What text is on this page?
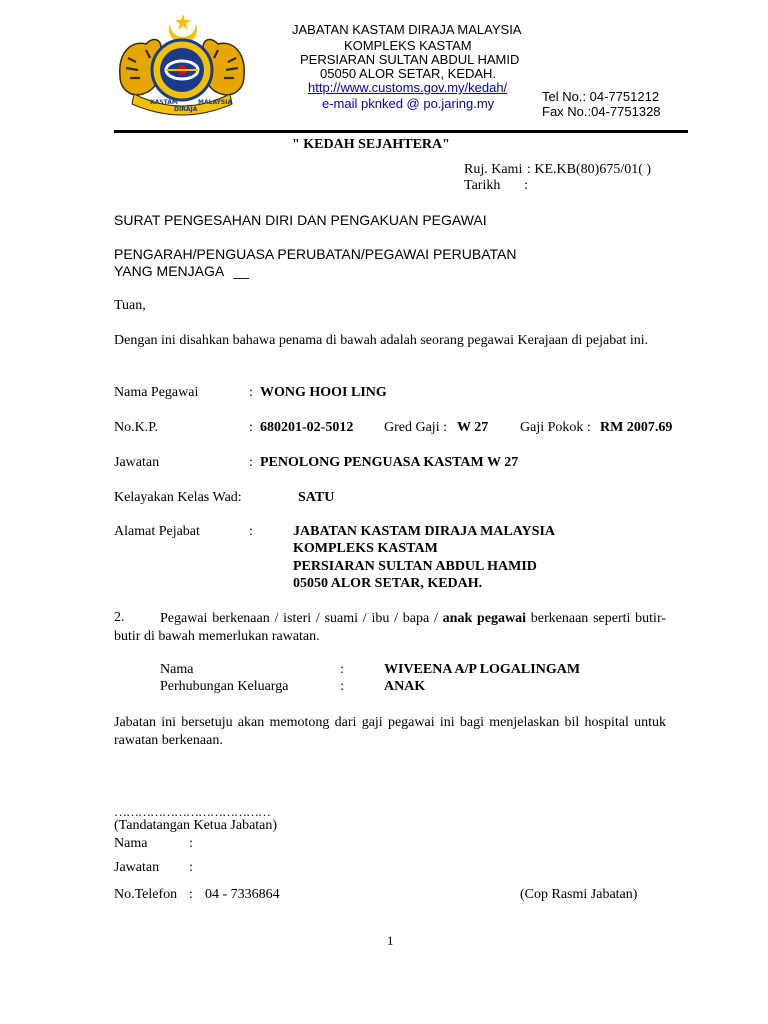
KASTAM
DIRAJA
MALAYSIA
JABATAN KASTAM DIRAJA MALAYSIA
KOMPLEKS KASTAM
PERSIARAN SULTAN ABDUL HAMID
05050 ALOR SETAR, KEDAH.
http://www.customs.gov.my/kedah/
e-mail pknked @ po.jaring.my	Tel No.: 04-7751212
Fax No.:04-7751328
" KEDAH SEJAHTERA"
Ruj. Kami : KE.KB(80)675/01( )
Tarikh :
SURAT PENGESAHAN DIRI DAN PENGAKUAN PEGAWAI
PENGARAH/PENGUASA PERUBATAN/PEGAWAI PERUBATAN
YANG MENJAGA __
Tuan,
Dengan ini disahkan bahawa penama di bawah adalah seorang pegawai Kerajaan di pejabat ini.
Nama Pegawai	: WONG HOOI LING
No.K.P.	: 680201-02-5012 Gred Gaji : W 27 Gaji Pokok : RM 2007.69
Jawatan	: PENOLONG PENGUASA KASTAM W 27
Kelayakan Kelas Wad:	SATU
Alamat Pejabat	:	JABATAN KASTAM DIRAJA MALAYSIA
KOMPLEKS KASTAM
PERSIARAN SULTAN ABDUL HAMID
05050 ALOR SETAR, KEDAH.
2.	Pegawai berkenaan / isteri / suami / ibu / bapa / anak pegawai berkenaan seperti butir-butir di bawah memerlukan rawatan.
Nama	:	WIVEENA A/P LOGALINGAM
Perhubungan Keluarga	:	ANAK
Jabatan ini bersetuju akan memotong dari gaji pegawai ini bagi menjelaskan bil hospital untuk rawatan berkenaan.
…………………………………
(Tandatangan Ketua Jabatan)
Nama	:
Jawatan :
No.Telefon : 04 - 7336864	(Cop Rasmi Jabatan)
1
